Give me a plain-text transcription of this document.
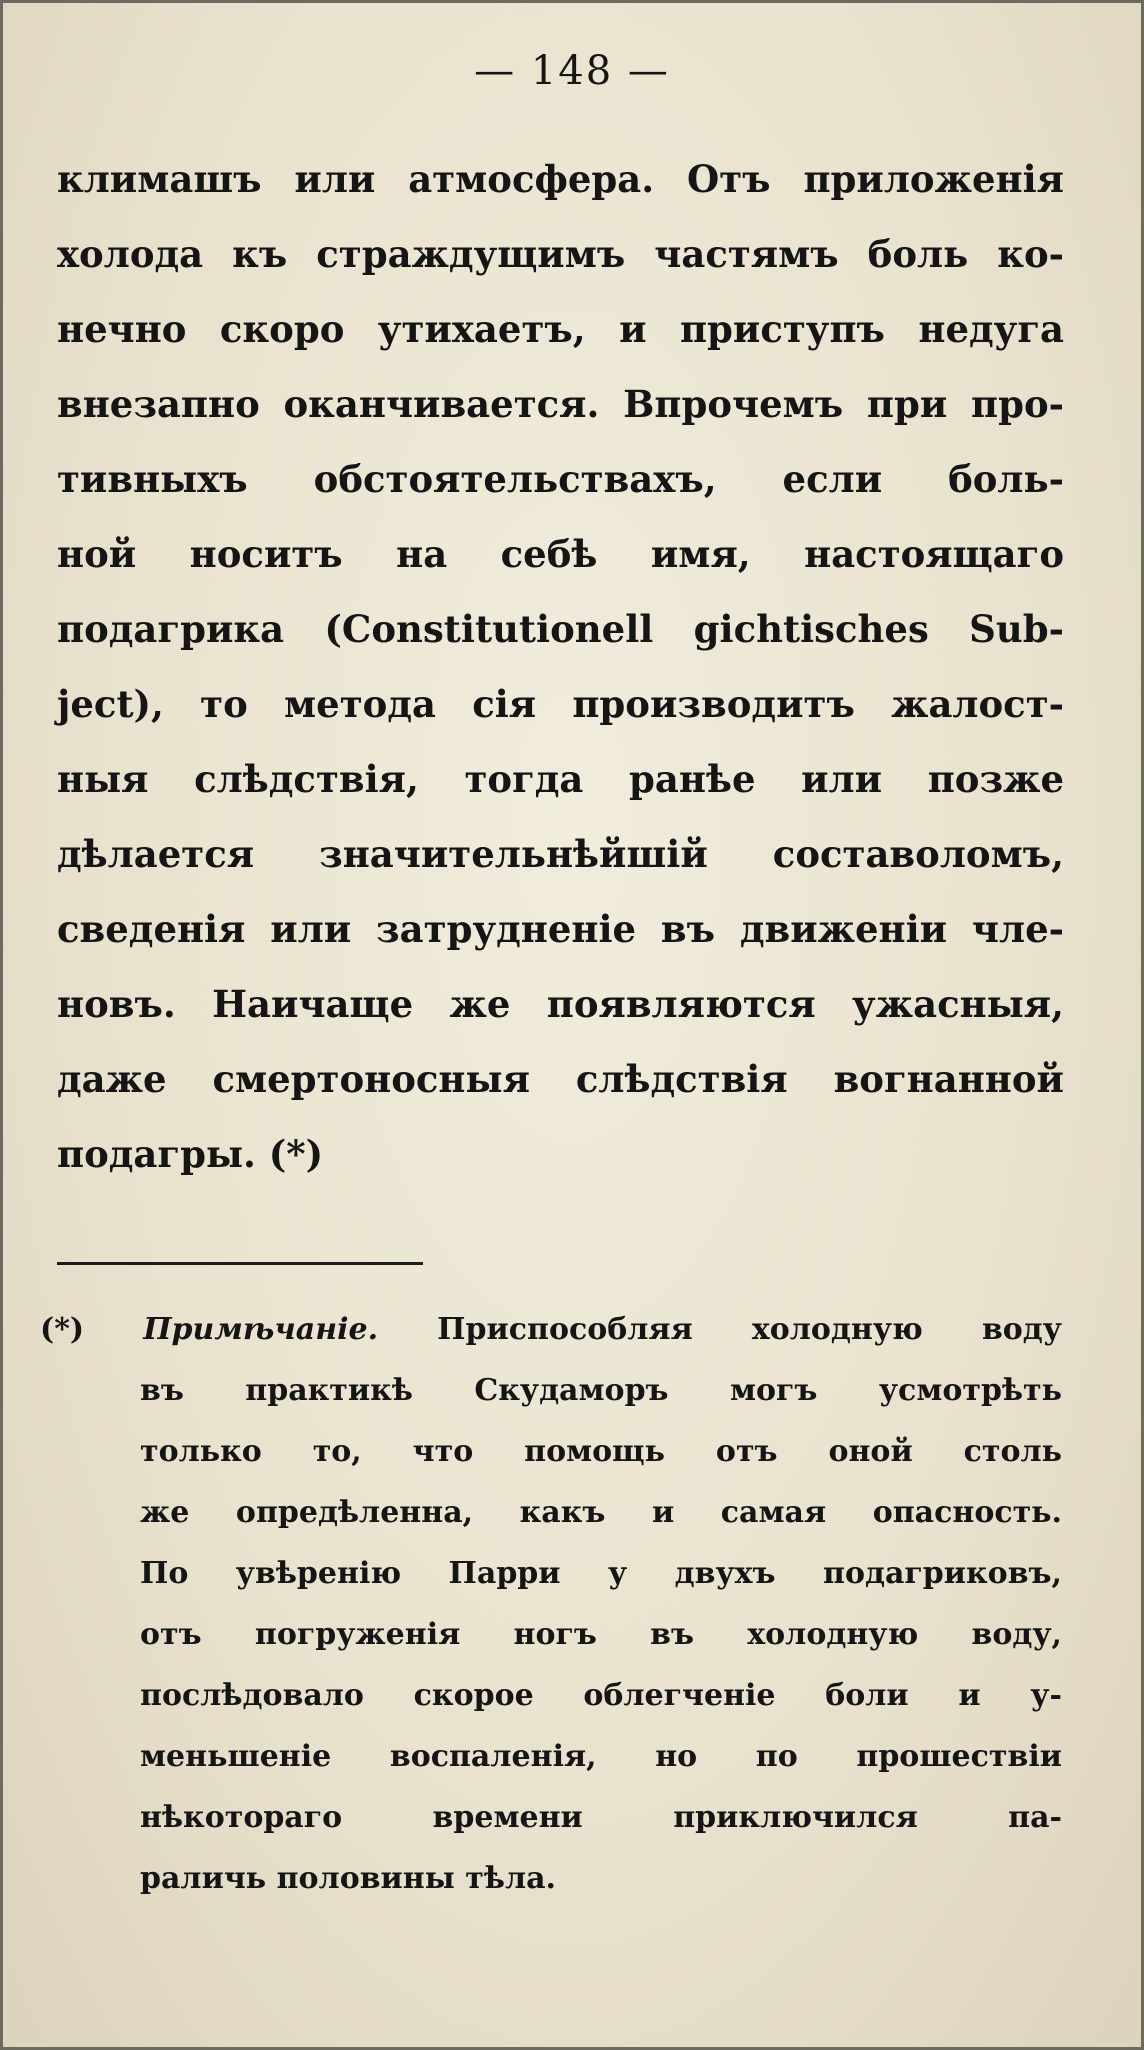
— 148 —
климашъ или атмосфера. Отъ приложенія
холода къ страждущимъ частямъ боль ко-
нечно скоро утихаетъ, и приступъ недуга
внезапно оканчивается. Впрочемъ при про-
тивныхъ обстоятельствахъ, если боль-
ной носитъ на себѣ имя, настоящаго
подагрика (Constitutionell gichtisches Sub-
ject), то метода сія производитъ жалост-
ныя слѣдствія, тогда ранѣе или позже
дѣлается значительнѣйшій составоломъ,
сведенія или затрудненіе въ движеніи чле-
новъ. Наичаще же появляются ужасныя,
даже смертоносныя слѣдствія вогнанной
подагры. (*)
(*) Примѣчаніе. Приспособляя холодную воду
въ практикѣ Скудаморъ могъ усмотрѣть
только то, что помощь отъ оной столь
же опредѣленна, какъ и самая опасность.
По увѣренію Парри у двухъ подагриковъ,
отъ погруженія ногъ въ холодную воду,
послѣдовало скорое облегченіе боли и у-
меньшеніе воспаленія, но по прошествіи
нѣкотораго времени приключился па-
раличь половины тѣла.
